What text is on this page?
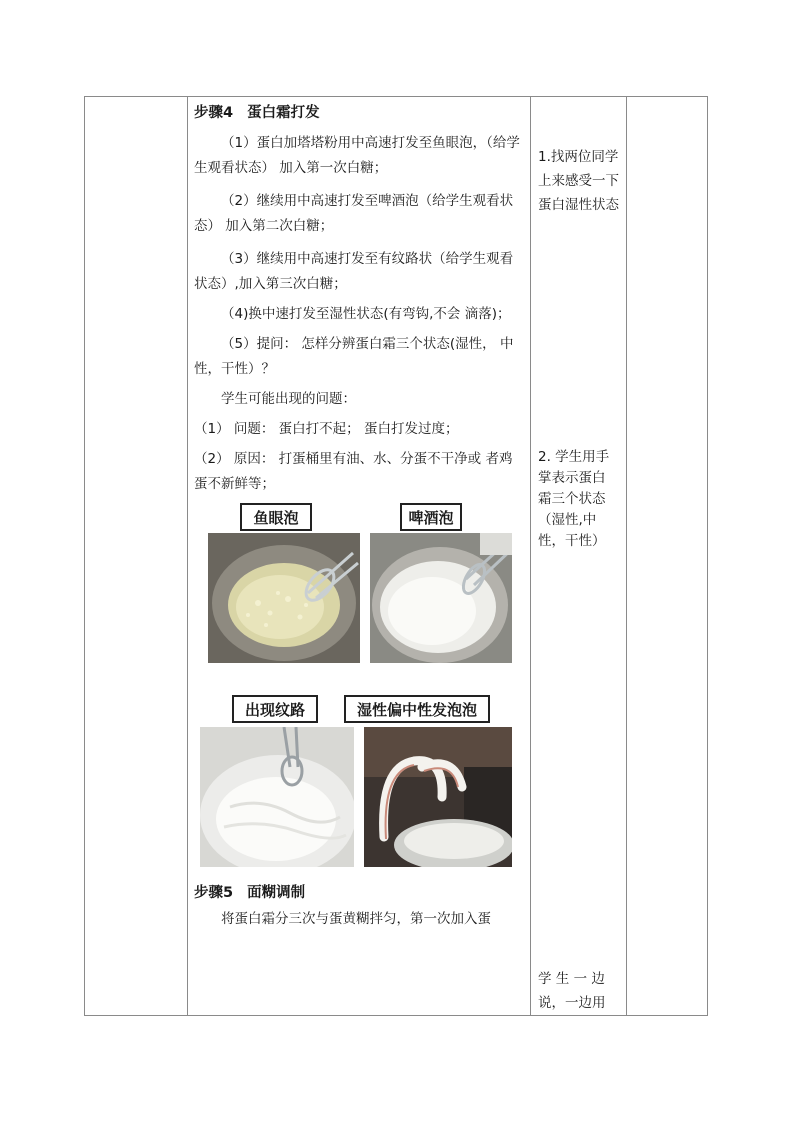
步骤4 蛋白霜打发

（1）蛋白加塔塔粉用中高速打发至鱼眼泡，（给学生观看状态） 加入第一次白糖；

（2）继续用中高速打发至啤酒泡（给学生观看状态） 加入第二次白糖；

（3）继续用中高速打发至有纹路状（给学生观看状态）,加入第三次白糖；

（4)换中速打发至湿性状态(有弯钩,不会 滴落)；

（5）提问： 怎样分辨蛋白霜三个状态(湿性， 中性，干性）？

学生可能出现的问题：

（1） 问题： 蛋白打不起； 蛋白打发过度；

（2） 原因： 打蛋桶里有油、水、分蛋不干净或 者鸡蛋不新鲜等；

鱼眼泡	啤酒泡
出现纹路	湿性偏中性发泡泡

步骤5 面糊调制

将蛋白霜分三次与蛋黄糊拌匀，第一次加入蛋

1.找两位同学上来感受一下蛋白湿性状态
2. 学生用手 掌表示蛋白 霜三个状态 （湿性,中 性，干性）
学 生 一 边说，一边用
